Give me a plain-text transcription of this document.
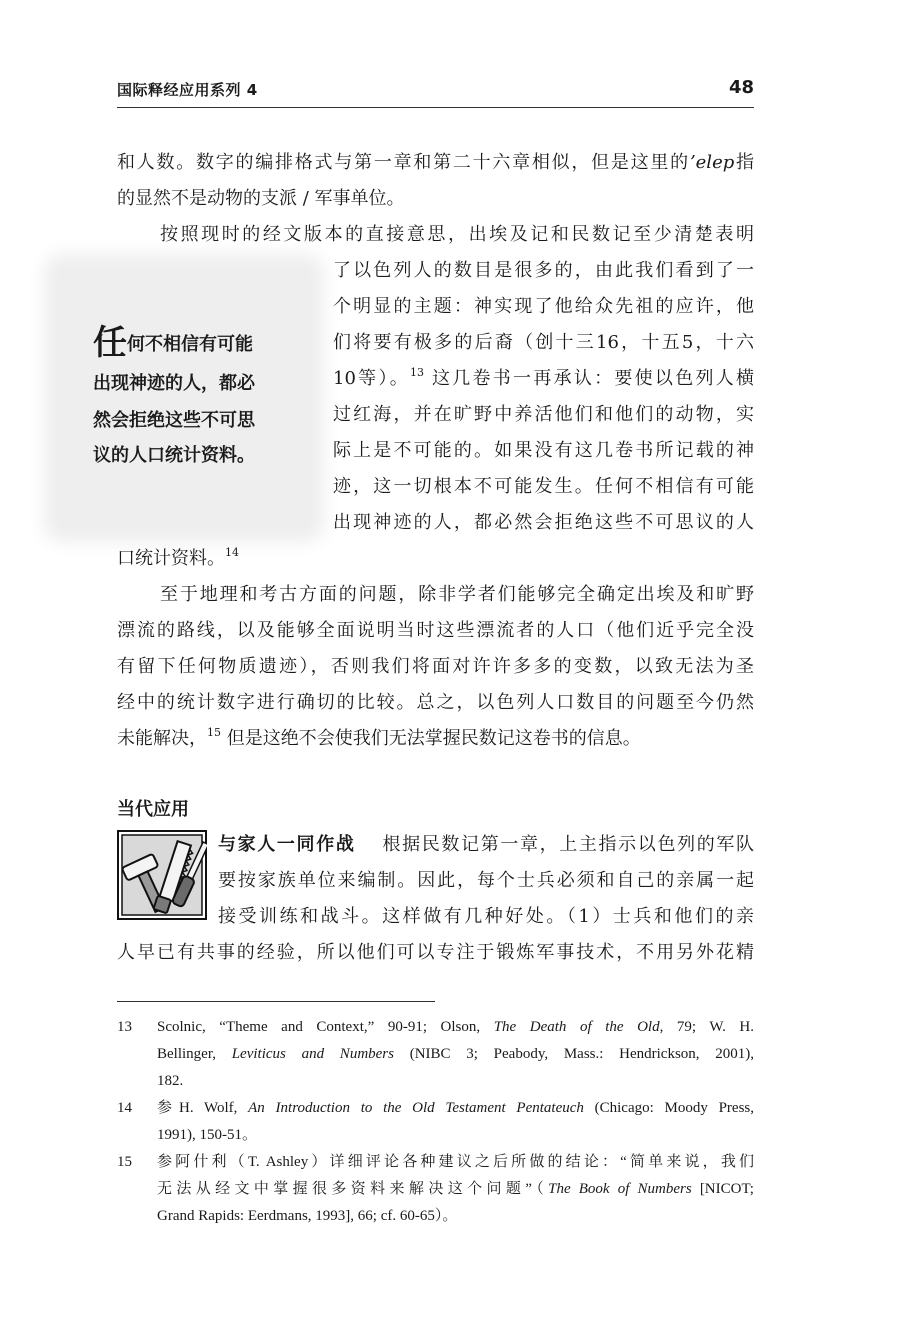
国际释经应用系列 4	48
任何不相信有可能
出现神迹的人，都必
然会拒绝这些不可思
议的人口统计资料。
和人数。数字的编排格式与第一章和第二十六章相似，但是这里的’elep指
的显然不是动物的支派 / 军事单位。
按照现时的经文版本的直接意思，出埃及记和民数记至少清楚表明
了以色列人的数目是很多的，由此我们看到了一
个明显的主题：神实现了他给众先祖的应许，他
们将要有极多的后裔（创十三16，十五5，十六
10等）。$^{13}$ 这几卷书一再承认：要使以色列人横
过红海，并在旷野中养活他们和他们的动物，实
际上是不可能的。如果没有这几卷书所记载的神
迹，这一切根本不可能发生。任何不相信有可能
出现神迹的人，都必然会拒绝这些不可思议的人
口统计资料。$^{14}$
至于地理和考古方面的问题，除非学者们能够完全确定出埃及和旷野
漂流的路线，以及能够全面说明当时这些漂流者的人口（他们近乎完全没
有留下任何物质遗迹），否则我们将面对许许多多的变数，以致无法为圣
经中的统计数字进行确切的比较。总之，以色列人口数目的问题至今仍然
未能解决，$^{15}$ 但是这绝不会使我们无法掌握民数记这卷书的信息。
当代应用
与家人一同作战　 根据民数记第一章，上主指示以色列的军队
要按家族单位来编制。因此，每个士兵必须和自己的亲属一起
接受训练和战斗。这样做有几种好处。（1）士兵和他们的亲
人早已有共事的经验，所以他们可以专注于锻炼军事技术，不用另外花精
13 Scolnic, “Theme and Context,” 90-91; Olson, The Death of the Old, 79; W. H.
Bellinger, Leviticus and Numbers (NIBC 3; Peabody, Mass.: Hendrickson, 2001),
182.
14 参H. Wolf, An Introduction to the Old Testament Pentateuch (Chicago: Moody Press,
1991), 150-51。
15 参阿什利（T. Ashley）详细评论各种建议之后所做的结论：“简单来说，我们
无法从经文中掌握很多资料来解决这个问题”（The Book of Numbers [NICOT;
Grand Rapids: Eerdmans, 1993], 66; cf. 60-65）。
